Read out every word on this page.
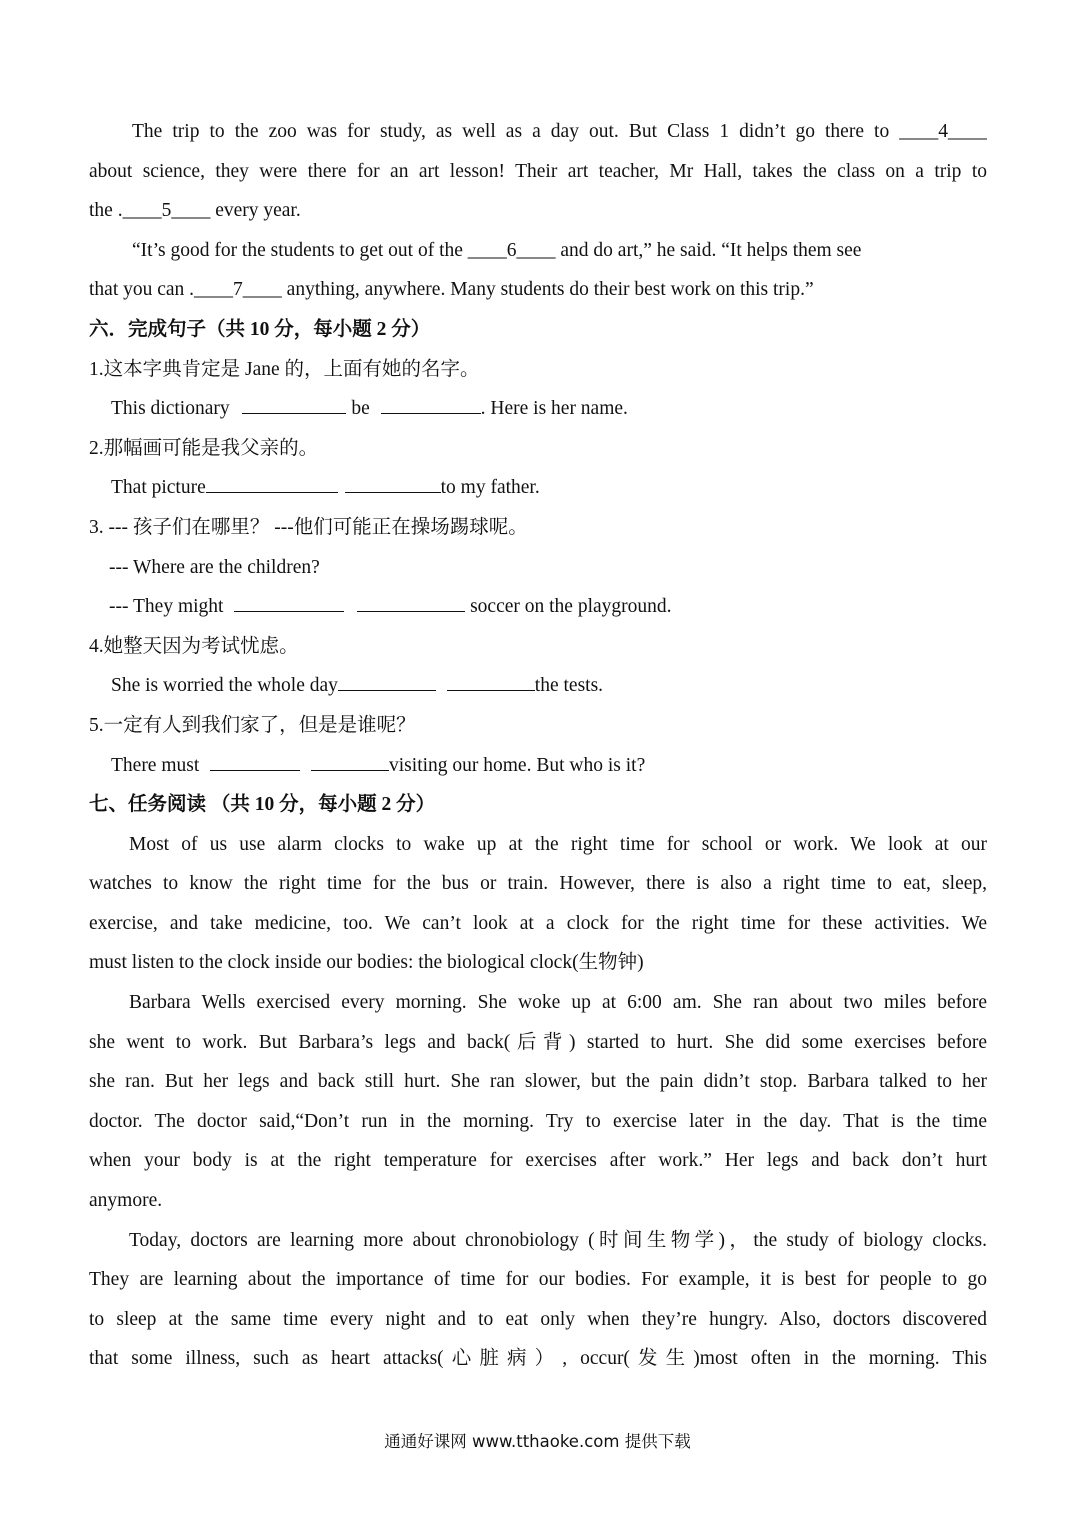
The trip to the zoo was for study, as well as a day out. But Class 1 didn’t go there to ____4____
about science, they were there for an art lesson! Their art teacher, Mr Hall, takes the class on a trip to
the .____5____ every year.
“It’s good for the students to get out of the ____6____ and do art,” he said. “It helps them see
that you can .____7____ anything, anywhere. Many students do their best work on this trip.”
六．完成句子（共 10 分，每小题 2 分）
1.这本字典肯定是 Jane 的，上面有她的名字。
This dictionary	be	. Here is her name.
2.那幅画可能是我父亲的。
That picture	to my father.
3. --- 孩子们在哪里？ ---他们可能正在操场踢球呢。
--- Where are the children?
--- They might	soccer on the playground.
4.她整天因为考试忧虑。
She is worried the whole day	the tests.
5.一定有人到我们家了，但是是谁呢？
There must	visiting our home. But who is it?
七、任务阅读 （共 10 分，每小题 2 分）
Most of us use alarm clocks to wake up at the right time for school or work. We look at our
watches to know the right time for the bus or train. However, there is also a right time to eat, sleep,
exercise, and take medicine, too. We can’t look at a clock for the right time for these activities. We
must listen to the clock inside our bodies: the biological clock(生物钟)
Barbara Wells exercised every morning. She woke up at 6:00 am. She ran about two miles before
she went to work. But Barbara’s legs and back(后背) started to hurt. She did some exercises before
she ran. But her legs and back still hurt. She ran slower, but the pain didn’t stop. Barbara talked to her
doctor. The doctor said,“Don’t run in the morning. Try to exercise later in the day. That is the time
when your body is at the right temperature for exercises after work.” Her legs and back don’t hurt
anymore.
Today, doctors are learning more about chronobiology (时间生物学)，the study of biology clocks.
They are learning about the importance of time for our bodies. For example, it is best for people to go
to sleep at the same time every night and to eat only when they’re hungry. Also, doctors discovered
that some illness, such as heart attacks(心脏病）, occur(发生)most often in the morning. This
通通好课网 www.tthaoke.com 提供下载
